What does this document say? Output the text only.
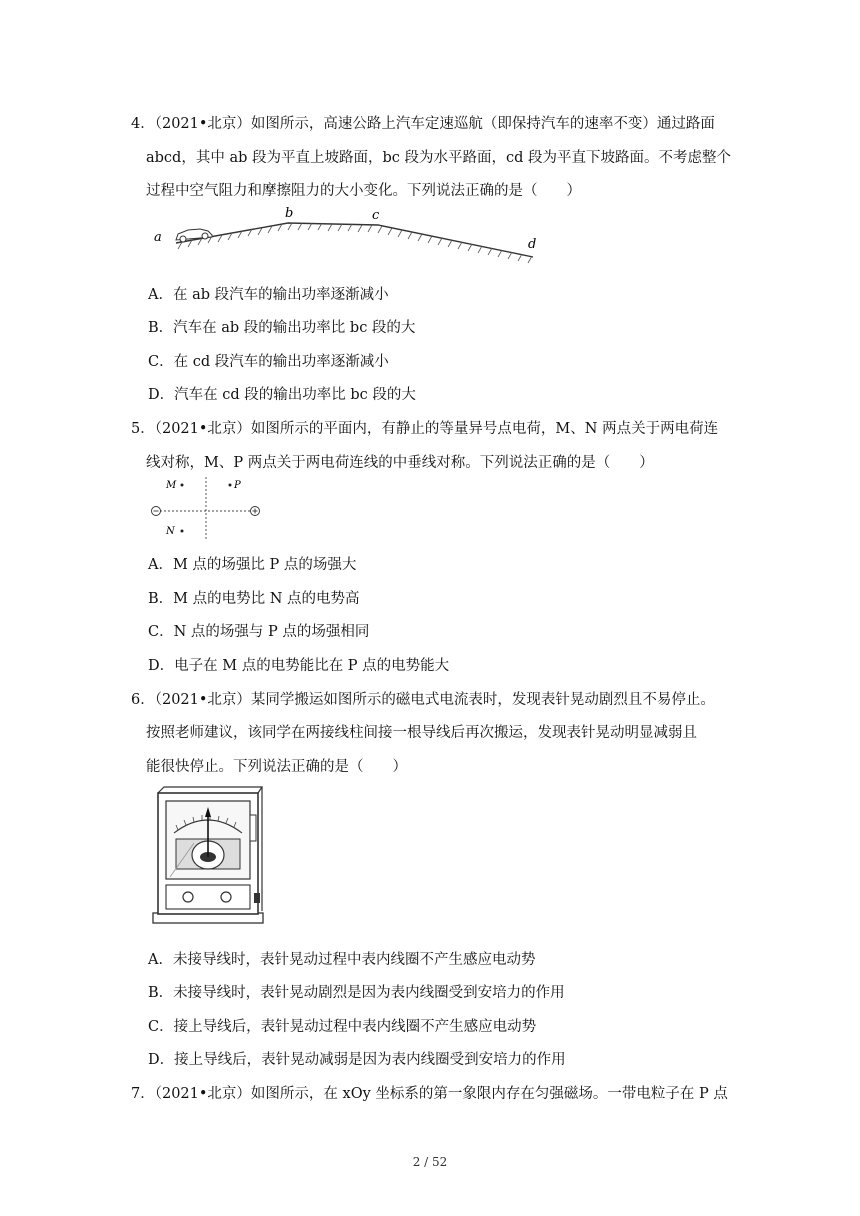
4．（2021•北京）如图所示，高速公路上汽车定速巡航（即保持汽车的速率不变）通过路面
abcd，其中 ab 段为平直上坡路面，bc 段为水平路面，cd 段为平直下坡路面。不考虑整个
过程中空气阻力和摩擦阻力的大小变化。下列说法正确的是（　　）
a
b	c
d
A．在 ab 段汽车的输出功率逐渐减小
B．汽车在 ab 段的输出功率比 bc 段的大
C．在 cd 段汽车的输出功率逐渐减小
D．汽车在 cd 段的输出功率比 bc 段的大
5．（2021•北京）如图所示的平面内，有静止的等量异号点电荷，M、N 两点关于两电荷连
线对称，M、P 两点关于两电荷连线的中垂线对称。下列说法正确的是（　　）
M	P
N
A．M 点的场强比 P 点的场强大
B．M 点的电势比 N 点的电势高
C．N 点的场强与 P 点的场强相同
D．电子在 M 点的电势能比在 P 点的电势能大
6．（2021•北京）某同学搬运如图所示的磁电式电流表时，发现表针晃动剧烈且不易停止。
按照老师建议，该同学在两接线柱间接一根导线后再次搬运，发现表针晃动明显减弱且
能很快停止。下列说法正确的是（　　）
A．未接导线时，表针晃动过程中表内线圈不产生感应电动势
B．未接导线时，表针晃动剧烈是因为表内线圈受到安培力的作用
C．接上导线后，表针晃动过程中表内线圈不产生感应电动势
D．接上导线后，表针晃动减弱是因为表内线圈受到安培力的作用
7．（2021•北京）如图所示，在 xOy 坐标系的第一象限内存在匀强磁场。一带电粒子在 P 点
2 / 52
